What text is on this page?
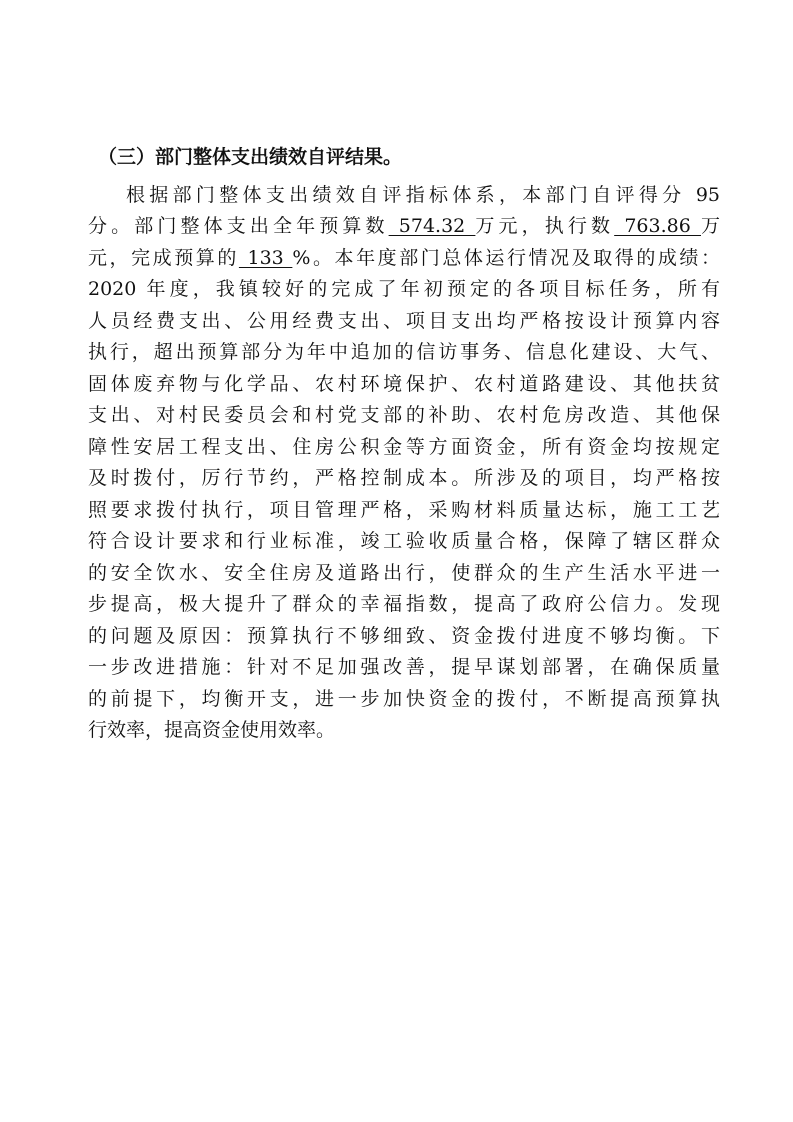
（三）部门整体支出绩效自评结果。
根据部门整体支出绩效自评指标体系，本部门自评得分 95
分。部门整体支出全年预算数 574.32 万元，执行数 763.86 万
元，完成预算的 133 %。本年度部门总体运行情况及取得的成绩：
2020 年度，我镇较好的完成了年初预定的各项目标任务，所有
人员经费支出、公用经费支出、项目支出均严格按设计预算内容
执行，超出预算部分为年中追加的信访事务、信息化建设、大气、
固体废弃物与化学品、农村环境保护、农村道路建设、其他扶贫
支出、对村民委员会和村党支部的补助、农村危房改造、其他保
障性安居工程支出、住房公积金等方面资金，所有资金均按规定
及时拨付，厉行节约，严格控制成本。所涉及的项目，均严格按
照要求拨付执行，项目管理严格，采购材料质量达标，施工工艺
符合设计要求和行业标准，竣工验收质量合格，保障了辖区群众
的安全饮水、安全住房及道路出行，使群众的生产生活水平进一
步提高，极大提升了群众的幸福指数，提高了政府公信力。发现
的问题及原因：预算执行不够细致、资金拨付进度不够均衡。下
一步改进措施：针对不足加强改善，提早谋划部署，在确保质量
的前提下，均衡开支，进一步加快资金的拨付，不断提高预算执
行效率，提高资金使用效率。
